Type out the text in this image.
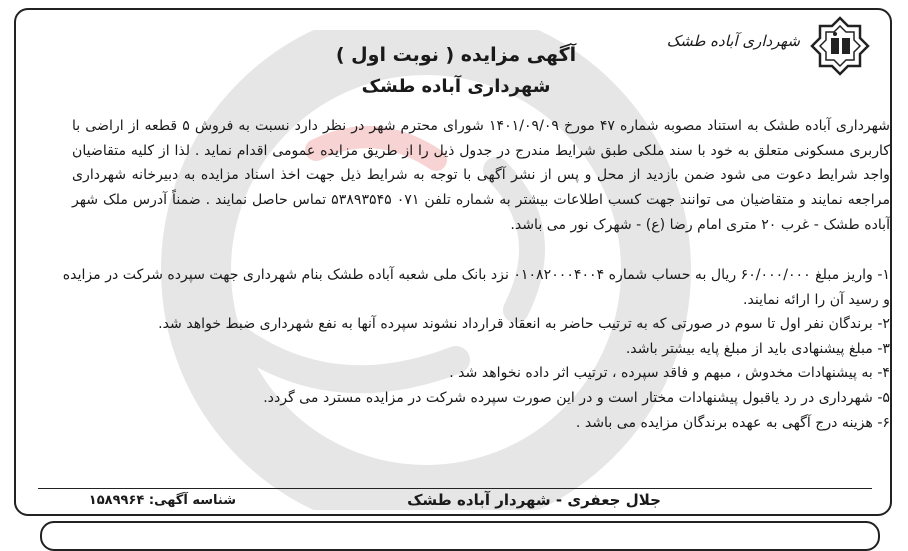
شهرداری آباده طشک
آگهی مزایده ( نوبت اول )
شهرداری آباده طشک

شهرداری آباده طشک به استناد مصوبه شماره ۴۷ مورخ ۱۴۰۱/۰۹/۰۹ شورای محترم شهر در نظر دارد نسبت به فروش ۵ قطعه از اراضی با کاربری مسکونی متعلق به خود با سند ملکی طبق شرایط مندرج در جدول ذیل را از طریق مزایده عمومی اقدام نماید . لذا از کلیه متقاضیان واجد شرایط دعوت می شود ضمن بازدید از محل و پس از نشر آگهی با توجه به شرایط ذیل جهت اخذ اسناد مزایده به دبیرخانه شهرداری مراجعه نمایند و متقاضیان می توانند جهت کسب اطلاعات بیشتر به شماره تلفن ۰۷۱ ۵۳۸۹۳۵۴۵ تماس حاصل نمایند . ضمناً آدرس ملک شهر آباده طشک - غرب ۲۰ متری امام رضا (ع) - شهرک نور می باشد.

۱- واریز مبلغ ۶۰/۰۰۰/۰۰۰ ریال به حساب شماره ۰۱۰۸۲۰۰۰۴۰۰۴ نزد بانک ملی شعبه آباده طشک بنام شهرداری جهت سپرده شرکت در مزایده و رسید آن را ارائه نمایند.

۲- برندگان نفر اول تا سوم در صورتی که به ترتیب حاضر به انعقاد قرارداد نشوند سپرده آنها به نفع شهرداری ضبط خواهد شد.

۳- مبلغ پیشنهادی باید از مبلغ پایه بیشتر باشد.

۴- به پیشنهادات مخدوش ، مبهم و فاقد سپرده ، ترتیب اثر داده نخواهد شد .

۵- شهرداری در رد یاقبول پیشنهادات مختار است و در این صورت سپرده شرکت در مزایده مسترد می گردد.

۶- هزینه درج آگهی به عهده برندگان مزایده می باشد .

جلال جعفری - شهردار آباده طشک
شناسه آگهی: ۱۵۸۹۹۶۴
